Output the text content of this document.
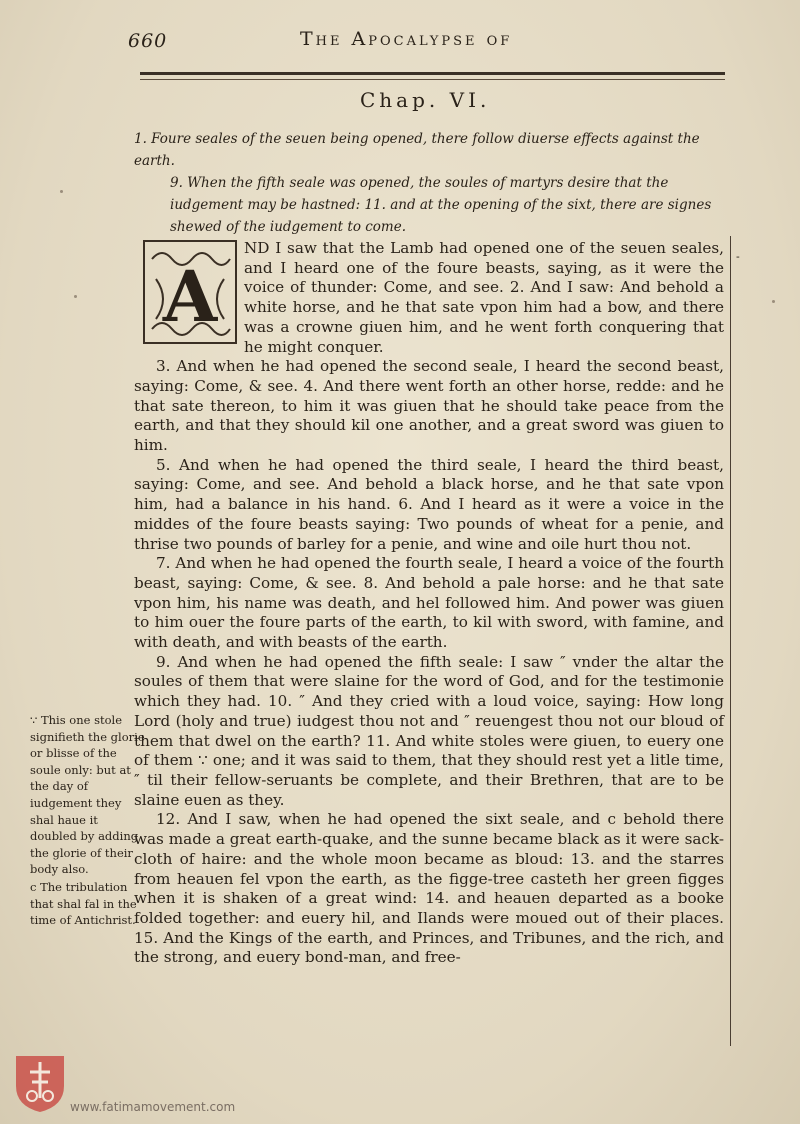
660	The Apocalypse of
Chap. VI.

1. Foure seales of the seuen being opened, there follow diuerse effects against the earth.

9. When the fifth seale was opened, the soules of martyrs desire that the iudgement may be hastned: 11. and at the opening of the sixt, there are signes shewed of the iudgement to come.

A

ND I saw that the Lamb had opened one of the seuen seales, and I heard one of the foure beasts, saying, as it were the voice of thunder: Come, and see. 2. And I saw: And behold a white horse, and he that sate vpon him had a bow, and there was a crowne giuen him, and he went forth conquering that he might conquer.

3. And when he had opened the second seale, I heard the second beast, saying: Come, & see. 4. And there went forth an other horse, redde: and he that sate thereon, to him it was giuen that he should take peace from the earth, and that they should kil one another, and a great sword was giuen to him.

5. And when he had opened the third seale, I heard the third beast, saying: Come, and see. And behold a black horse, and he that sate vpon him, had a balance in his hand. 6. And I heard as it were a voice in the middes of the foure beasts saying: Two pounds of wheat for a penie, and thrise two pounds of barley for a penie, and wine and oile hurt thou not.

7. And when he had opened the fourth seale, I heard a voice of the fourth beast, saying: Come, & see. 8. And behold a pale horse: and he that sate vpon him, his name was death, and hel followed him. And power was giuen to him ouer the foure parts of the earth, to kil with sword, with famine, and with death, and with beasts of the earth.

9. And when he had opened the fifth seale: I saw ″ vnder the altar the soules of them that were slaine for the word of God, and for the testimonie which they had. 10. ″ And they cried with a loud voice, saying: How long Lord (holy and true) iudgest thou not and ″ reuengest thou not our bloud of them that dwel on the earth? 11. And white stoles were giuen, to euery one of them ∵ one; and it was said to them, that they should rest yet a litle time, ″ til their fellow-seruants be complete, and their Brethren, that are to be slaine euen as they.

12. And I saw, when he had opened the sixt seale, and c behold there was made a great earth-quake, and the sunne became black as it were sack-cloth of haire: and the whole moon became as bloud: 13. and the starres from heauen fel vpon the earth, as the figge-tree casteth her green figges when it is shaken of a great wind: 14. and heauen departed as a booke folded together: and euery hil, and Ilands were moued out of their places. 15. And the Kings of the earth, and Princes, and Tribunes, and the rich, and the strong, and euery bond-man, and free-

-

∵ This one stole signifieth the glorie or blisse of the soule only: but at the day of iudgement they shal haue it doubled by adding the glorie of their body also.

c The tribulation that shal fal in the time of Antichrist.

www.fatimamovement.com
